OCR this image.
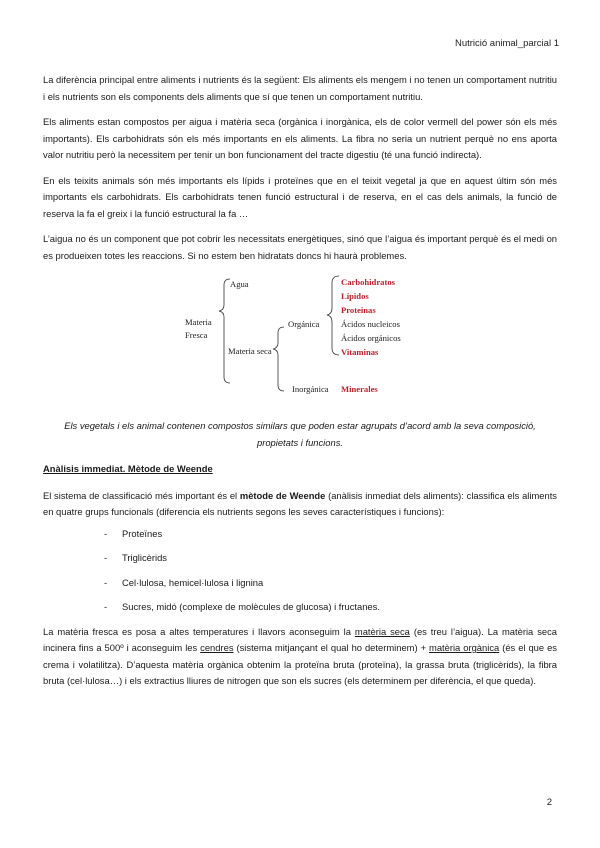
Nutrició animal_parcial 1

La diferència principal entre aliments i nutrients és la següent: Els aliments els mengem i no tenen un comportament nutritiu i els nutrients son els components dels aliments que sí que tenen un comportament nutritiu.

Els aliments estan compostos per aigua i matèria seca (orgànica i inorgànica, els de color vermell del power són els més importants). Els carbohidrats són els més importants en els aliments. La fibra no seria un nutrient perquè no ens aporta valor nutritiu però la necessitem per tenir un bon funcionament del tracte digestiu (té una funció indirecta).

En els teixits animals són més importants els lípids i proteïnes que en el teixit vegetal ja que en aquest últim són més importants els carbohidrats. Els carbohidrats tenen funció estructural i de reserva, en el cas dels animals, la funció de reserva la fa el greix i la funció estructural la fa …

L’aigua no és un component que pot cobrir les necessitats energètiques, sinó que l’aigua és important perquè és el medi on es produeixen totes les reaccions. Si no estem ben hidratats doncs hi haurà problemes.

Materia
Fresca
Agua
Materia seca
Orgánica
Inorgánica
Carbohidratos
Lípidos
Proteinas
Ácidos nucleicos
Ácidos orgánicos
Vitaminas
Minerales

Els vegetals i els animal contenen compostos similars que poden estar agrupats d’acord amb la seva composició, propietats i funcions.

Anàlisis immediat. Mètode de Weende

El sistema de classificació més important és el mètode de Weende (anàlisis inmediat dels aliments): classifica els aliments en quatre grups funcionals (diferencia els nutrients segons les seves característiques i funcions):

- Proteïnes
- Triglicèrids
- Cel·lulosa, hemicel·lulosa i lignina
- Sucres, midó (complexe de molècules de glucosa) i fructanes.

La matèria fresca es posa a altes temperatures i llavors aconseguim la matèria seca (es treu l’aigua). La matèria seca incinera fins a 500º i aconseguim les cendres (sistema mitjançant el qual ho determinem) + matèria orgànica (és el que es crema i volatilitza). D’aquesta matèria orgànica obtenim la proteïna bruta (proteïna), la grassa bruta (triglicèrids), la fibra bruta (cel·lulosa…) i els extractius lliures de nitrogen que son els sucres (els determinem per diferència, el que queda).

2
